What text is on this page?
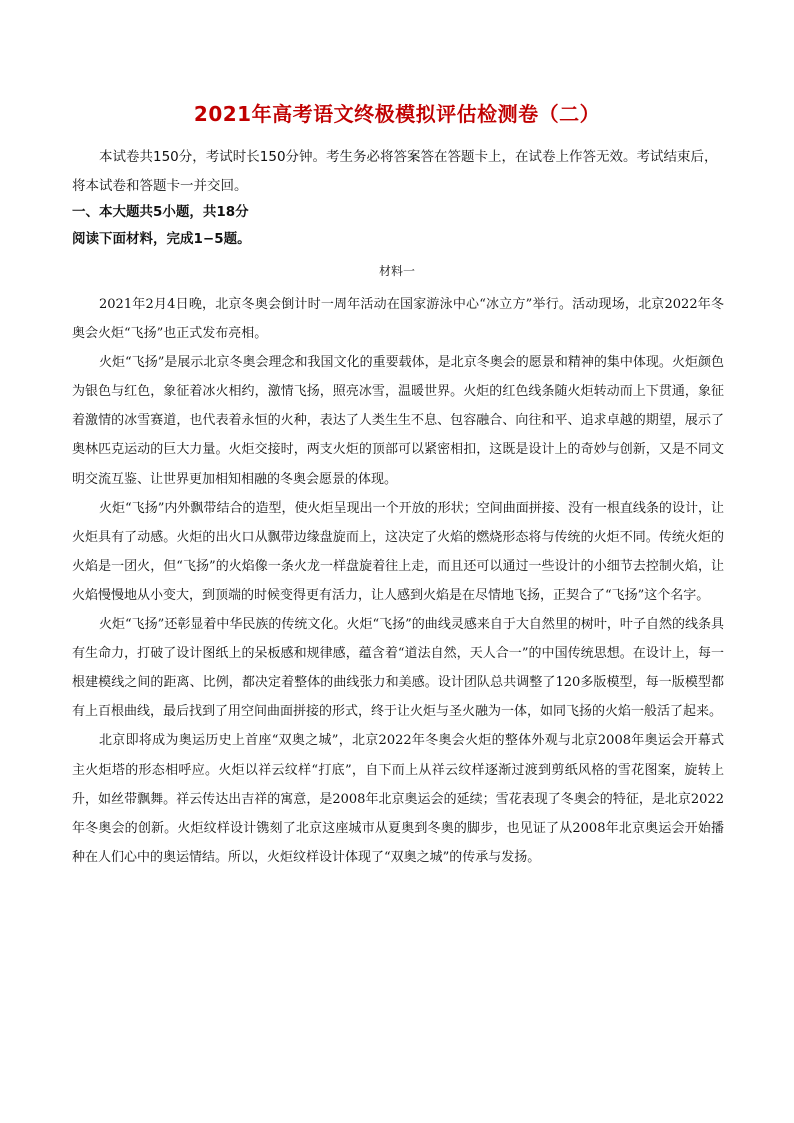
2021年高考语文终极模拟评估检测卷（二）

本试卷共150分，考试时长150分钟。考生务必将答案答在答题卡上，在试卷上作答无效。考试结束后，将本试卷和答题卡一并交回。

一、本大题共5小题，共18分

阅读下面材料，完成1−5题。

材料一

2021年2月4日晚，北京冬奥会倒计时一周年活动在国家游泳中心“冰立方”举行。活动现场，北京2022年冬奥会火炬“飞扬”也正式发布亮相。

火炬“飞扬”是展示北京冬奥会理念和我国文化的重要载体，是北京冬奥会的愿景和精神的集中体现。火炬颜色为银色与红色，象征着冰火相约，激情飞扬，照亮冰雪，温暖世界。火炬的红色线条随火炬转动而上下贯通，象征着激情的冰雪赛道，也代表着永恒的火种，表达了人类生生不息、包容融合、向往和平、追求卓越的期望，展示了奥林匹克运动的巨大力量。火炬交接时，两支火炬的顶部可以紧密相扣，这既是设计上的奇妙与创新，又是不同文明交流互鉴、让世界更加相知相融的冬奥会愿景的体现。

火炬“飞扬”内外飘带结合的造型，使火炬呈现出一个开放的形状；空间曲面拼接、没有一根直线条的设计，让火炬具有了动感。火炬的出火口从飘带边缘盘旋而上，这决定了火焰的燃烧形态将与传统的火炬不同。传统火炬的火焰是一团火，但“飞扬”的火焰像一条火龙一样盘旋着往上走，而且还可以通过一些设计的小细节去控制火焰，让火焰慢慢地从小变大，到顶端的时候变得更有活力，让人感到火焰是在尽情地飞扬，正契合了“飞扬”这个名字。

火炬“飞扬”还彰显着中华民族的传统文化。火炬“飞扬”的曲线灵感来自于大自然里的树叶，叶子自然的线条具有生命力，打破了设计图纸上的呆板感和规律感，蕴含着“道法自然，天人合一”的中国传统思想。在设计上，每一根建模线之间的距离、比例，都决定着整体的曲线张力和美感。设计团队总共调整了120多版模型，每一版模型都有上百根曲线，最后找到了用空间曲面拼接的形式，终于让火炬与圣火融为一体，如同飞扬的火焰一般活了起来。

北京即将成为奥运历史上首座“双奥之城”，北京2022年冬奥会火炬的整体外观与北京2008年奥运会开幕式主火炬塔的形态相呼应。火炬以祥云纹样“打底”，自下而上从祥云纹样逐渐过渡到剪纸风格的雪花图案，旋转上升，如丝带飘舞。祥云传达出吉祥的寓意，是2008年北京奥运会的延续；雪花表现了冬奥会的特征，是北京2022年冬奥会的创新。火炬纹样设计镌刻了北京这座城市从夏奥到冬奥的脚步，也见证了从2008年北京奥运会开始播种在人们心中的奥运情结。所以，火炬纹样设计体现了“双奥之城”的传承与发扬。
